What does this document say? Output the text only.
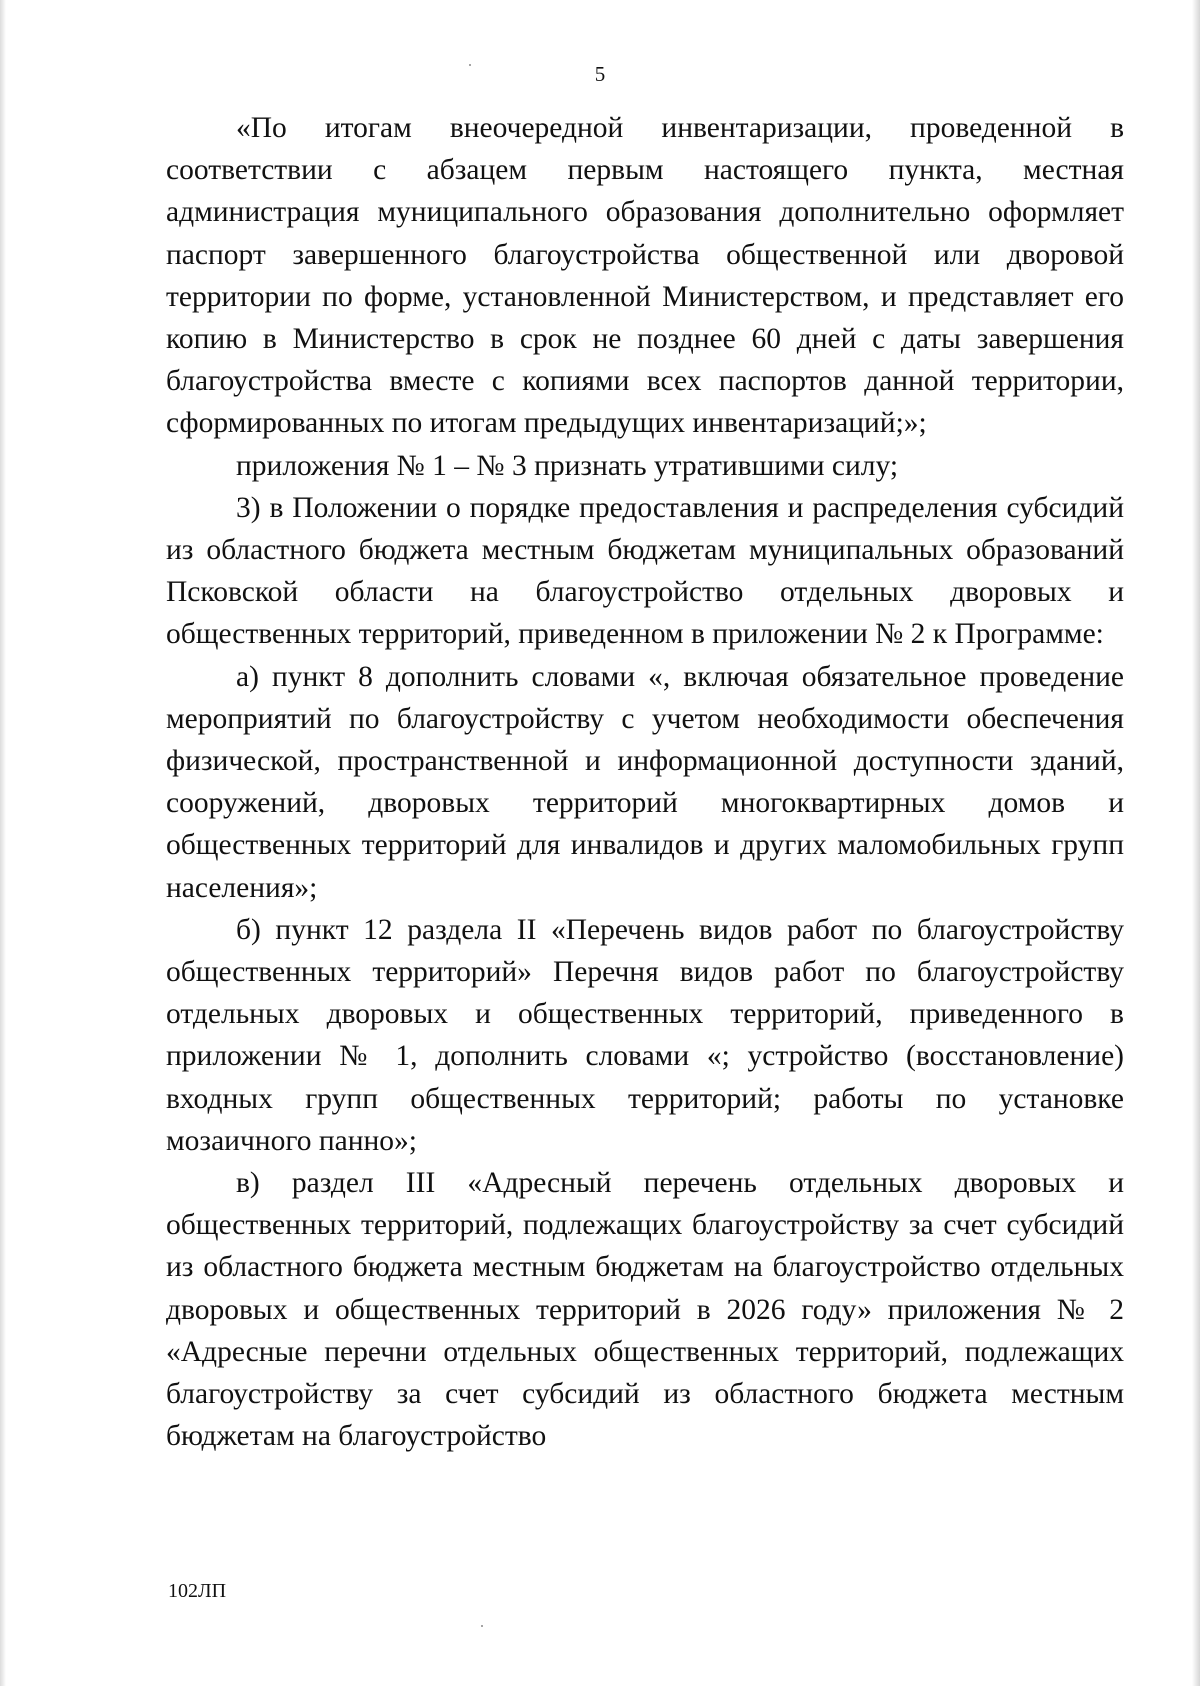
5

«По итогам внеочередной инвентаризации, проведенной в соответствии с абзацем первым настоящего пункта, местная администрация муниципального образования дополнительно оформляет паспорт завершенного благоустройства общественной или дворовой территории по форме, установленной Министерством, и представляет его копию в Министерство в срок не позднее 60 дней с даты завершения благоустройства вместе с копиями всех паспортов данной территории, сформированных по итогам предыдущих инвентаризаций;»;

приложения № 1 – № 3 признать утратившими силу;

3) в Положении о порядке предоставления и распределения субсидий из областного бюджета местным бюджетам муниципальных образований Псковской области на благоустройство отдельных дворовых и общественных территорий, приведенном в приложении № 2 к Программе:

а) пункт 8 дополнить словами «, включая обязательное проведение мероприятий по благоустройству с учетом необходимости обеспечения физической, пространственной и информационной доступности зданий, сооружений, дворовых территорий многоквартирных домов и общественных территорий для инвалидов и других маломобильных групп населения»;

б) пункт 12 раздела II «Перечень видов работ по благоустройству общественных территорий» Перечня видов работ по благоустройству отдельных дворовых и общественных территорий, приведенного в приложении № 1, дополнить словами «; устройство (восстановление) входных групп общественных территорий; работы по установке мозаичного панно»;

в) раздел III «Адресный перечень отдельных дворовых и общественных территорий, подлежащих благоустройству за счет субсидий из областного бюджета местным бюджетам на благоустройство отдельных дворовых и общественных территорий в 2026 году» приложения № 2 «Адресные перечни отдельных общественных территорий, подлежащих благоустройству за счет субсидий из областного бюджета местным бюджетам на благоустройство

102ЛП
